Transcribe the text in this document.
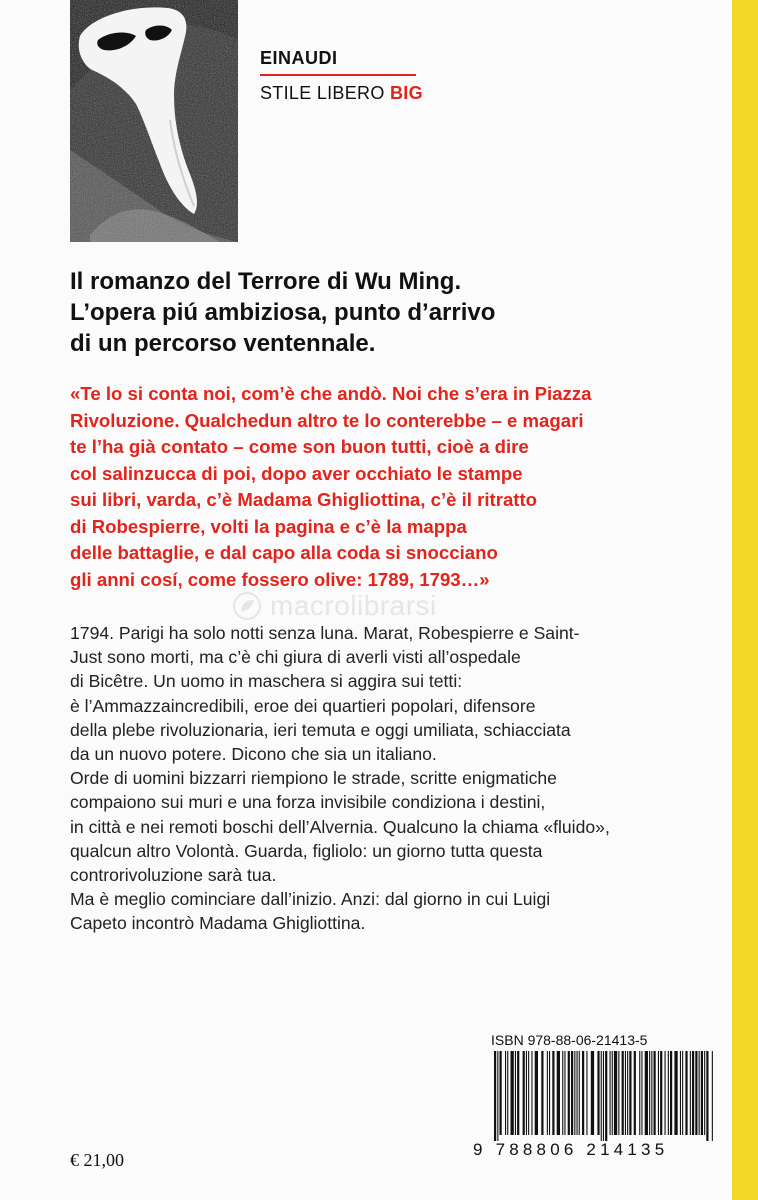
EINAUDI
STILE LIBERO BIG
Il romanzo del Terrore di Wu Ming.
L’opera piú ambiziosa, punto d’arrivo
di un percorso ventennale.
«Te lo si conta noi, com’è che andò. Noi che s’era in Piazza
Rivoluzione. Qualchedun altro te lo conterebbe – e magari
te l’ha già contato – come son buon tutti, cioè a dire
col salinzucca di poi, dopo aver occhiato le stampe
sui libri, varda, c’è Madama Ghigliottina, c’è il ritratto
di Robespierre, volti la pagina e c’è la mappa
delle battaglie, e dal capo alla coda si snocciano
gli anni cosí, come fossero olive: 1789, 1793…»
macrolibrarsi
1794. Parigi ha solo notti senza luna. Marat, Robespierre e Saint-
Just sono morti, ma c’è chi giura di averli visti all’ospedale
di Bicêtre. Un uomo in maschera si aggira sui tetti:
è l’Ammazzaincredibili, eroe dei quartieri popolari, difensore
della plebe rivoluzionaria, ieri temuta e oggi umiliata, schiacciata
da un nuovo potere. Dicono che sia un italiano.
Orde di uomini bizzarri riempiono le strade, scritte enigmatiche
compaiono sui muri e una forza invisibile condiziona i destini,
in città e nei remoti boschi dell’Alvernia. Qualcuno la chiama «fluido»,
qualcun altro Volontà. Guarda, figliolo: un giorno tutta questa
controrivoluzione sarà tua.
Ma è meglio cominciare dall’inizio. Anzi: dal giorno in cui Luigi
Capeto incontrò Madama Ghigliottina.
ISBN 978-88-06-21413-5
9 788806 214135
€ 21,00
